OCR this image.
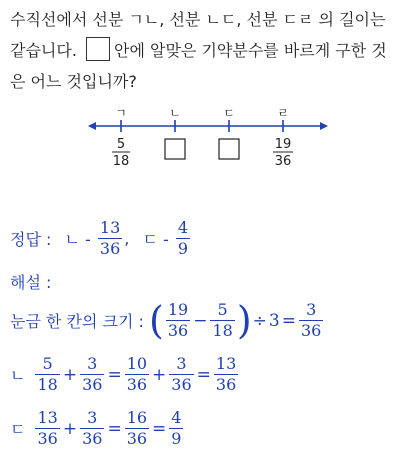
수직선에서 선분 ㄱㄴ, 선분 ㄴㄷ, 선분 ㄷㄹ 의 길이는 같습니다. 안에 알맞은 기약분수를 바르게 구한 것은 어느 것입니까?
ㄱ	ㄴ	ㄷ	ㄹ
5
18
19
36
정답 : ㄴ - $\frac{13}{36}$ , ㄷ - $\frac{4}{9}$
해설 :
눈금 한 칸의 크기 : ( $\frac{19}{36} - \frac{5}{18}$ )÷ $3 = \frac{3}{36}$
ㄴ $\frac{5}{18} + \frac{3}{36} = \frac{10}{36} + \frac{3}{36} = \frac{13}{36}$
ㄷ $\frac{13}{36} + \frac{3}{36} = \frac{16}{36} = \frac{4}{9}$
